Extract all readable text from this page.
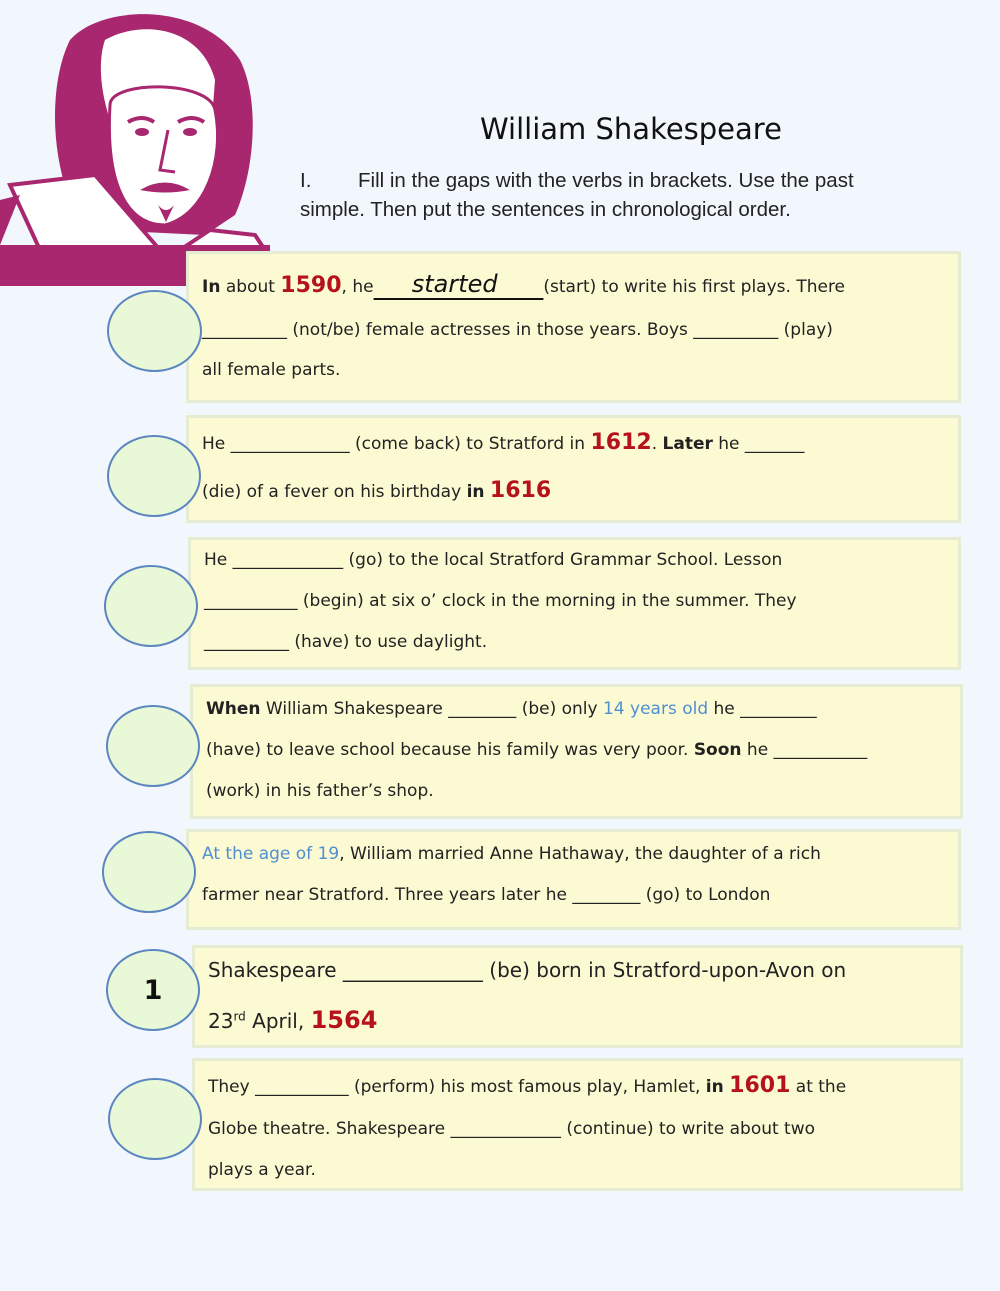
William Shakespeare
I. Fill in the gaps with the verbs in brackets. Use the past
simple. Then put the sentences in chronological order.

In about 1590, he     started      (start) to write his first plays. There

__________ (not/be) female actresses in those years. Boys __________ (play)

all female parts.

He ______________ (come back) to Stratford in 1612. Later he _______

(die) of a fever on his birthday in 1616

He _____________ (go) to the local Stratford Grammar School. Lesson

___________ (begin) at six o’ clock in the morning in the summer. They

__________ (have) to use daylight.

When William Shakespeare ________ (be) only 14 years old he _________

(have) to leave school because his family was very poor. Soon he ___________

(work) in his father’s shop.

At the age of 19, William married Anne Hathaway, the daughter of a rich

farmer near Stratford. Three years later he ________ (go) to London

Shakespeare ______________ (be) born in Stratford-upon-Avon on

23rd April, 1564

1

They ___________ (perform) his most famous play, Hamlet, in 1601 at the

Globe theatre. Shakespeare _____________ (continue) to write about two

plays a year.
